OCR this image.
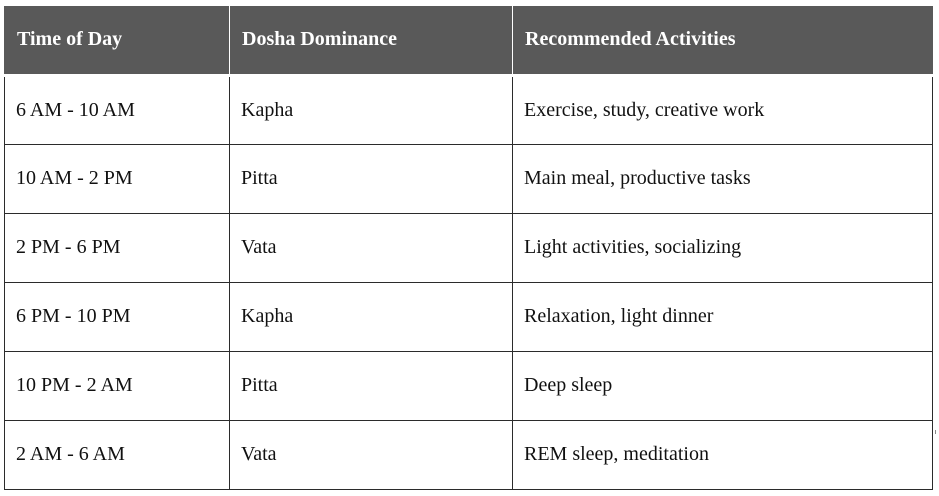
Time of Day	Dosha Dominance	Recommended Activities
6 AM - 10 AM	Kapha	Exercise, study, creative work
10 AM - 2 PM	Pitta	Main meal, productive tasks
2 PM - 6 PM	Vata	Light activities, socializing
6 PM - 10 PM	Kapha	Relaxation, light dinner
10 PM - 2 AM	Pitta	Deep sleep
2 AM - 6 AM	Vata	REM sleep, meditation
